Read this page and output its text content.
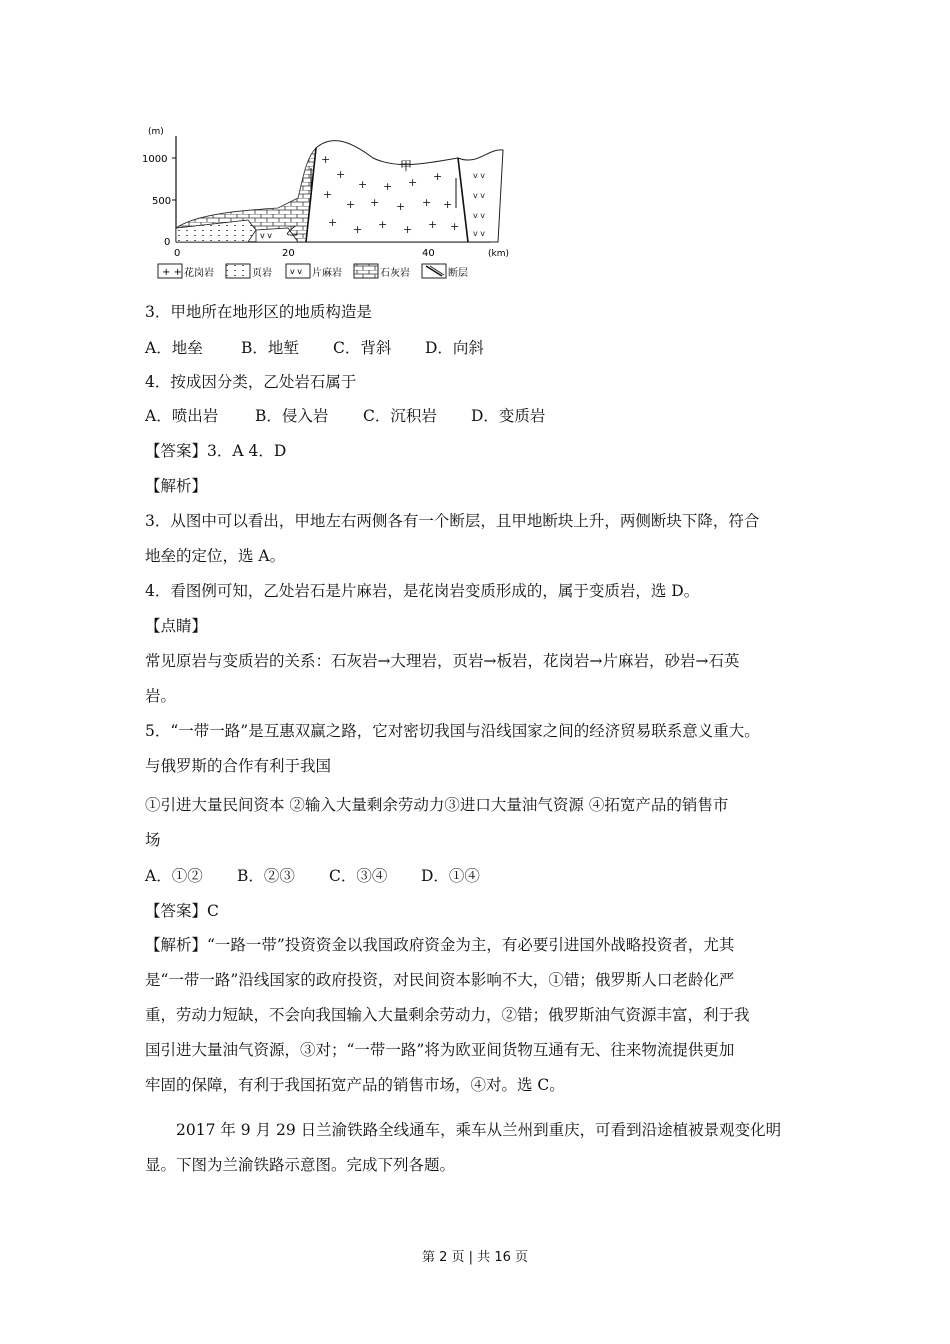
(m)
1000
500
0
0	20	40	(km)
v v 乙
+
+
+ + + +
+
+ + + + +
+
+ + + + +
甲
v v
v v
v v
v v
+ + 花岗岩	页岩 v v 片麻岩	石灰岩	断层
3．甲地所在地形区的地质构造是
A．地垒 B．地堑 C．背斜 D．向斜
4．按成因分类，乙处岩石属于
A．喷出岩 B．侵入岩 C．沉积岩 D．变质岩
【答案】3．A 4．D
【解析】
3．从图中可以看出，甲地左右两侧各有一个断层，且甲地断块上升，两侧断块下降，符合
地垒的定位，选 A。
4．看图例可知，乙处岩石是片麻岩，是花岗岩变质形成的，属于变质岩，选 D。
【点睛】
常见原岩与变质岩的关系：石灰岩→大理岩，页岩→板岩，花岗岩→片麻岩，砂岩→石英
岩。
5．“一带一路”是互惠双赢之路，它对密切我国与沿线国家之间的经济贸易联系意义重大。
与俄罗斯的合作有利于我国
①引进大量民间资本 ②输入大量剩余劳动力③进口大量油气资源 ④拓宽产品的销售市
场
A．①② B．②③ C．③④ D．①④
【答案】C
【解析】“一路一带”投资资金以我国政府资金为主，有必要引进国外战略投资者，尤其
是“一带一路”沿线国家的政府投资，对民间资本影响不大，①错；俄罗斯人口老龄化严
重，劳动力短缺，不会向我国输入大量剩余劳动力，②错；俄罗斯油气资源丰富，利于我
国引进大量油气资源，③对；“一带一路”将为欧亚间货物互通有无、往来物流提供更加
牢固的保障，有利于我国拓宽产品的销售市场，④对。选 C。
2017 年 9 月 29 日兰渝铁路全线通车，乘车从兰州到重庆，可看到沿途植被景观变化明
显。下图为兰渝铁路示意图。完成下列各题。
第 2 页 | 共 16 页
